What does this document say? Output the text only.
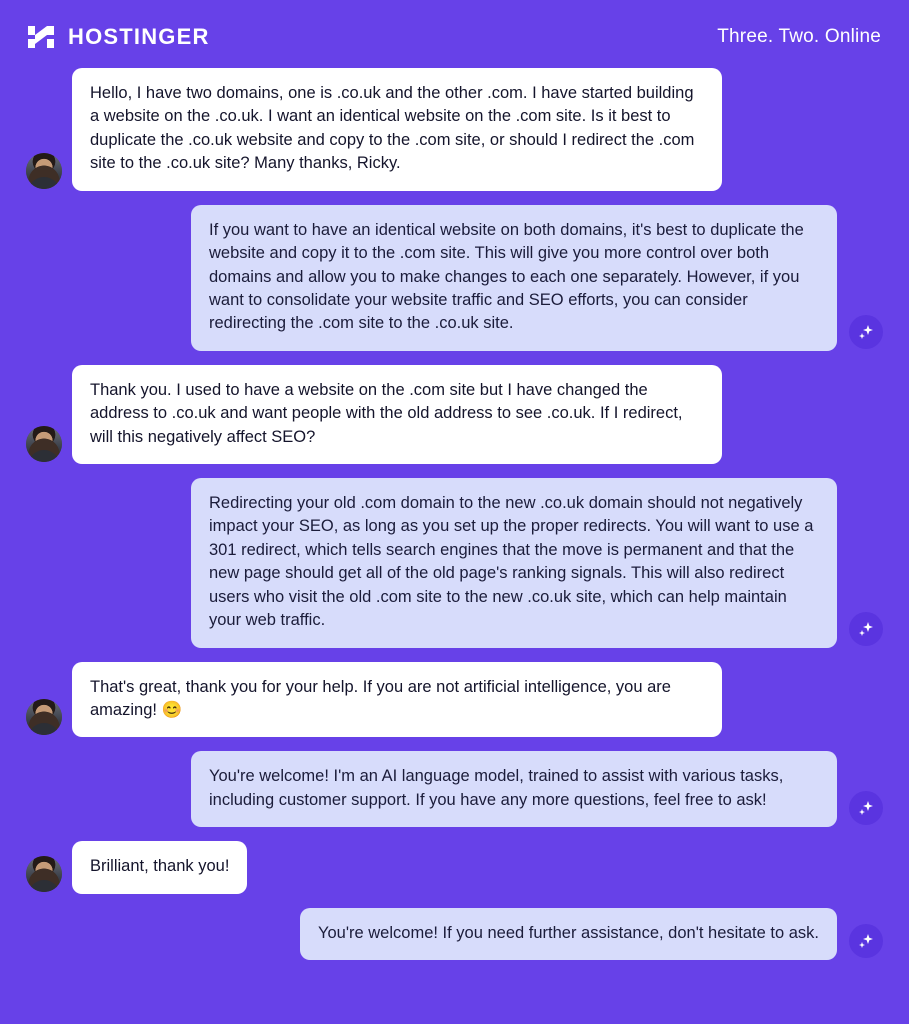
HOSTINGER	Three. Two. Online
Hello, I have two domains, one is .co.uk and the other .com. I have started building a website on the .co.uk. I want an identical website on the .com site. Is it best to duplicate the .co.uk website and copy to the .com site, or should I redirect the .com site to the .co.uk site? Many thanks, Ricky.
If you want to have an identical website on both domains, it's best to duplicate the website and copy it to the .com site. This will give you more control over both domains and allow you to make changes to each one separately. However, if you want to consolidate your website traffic and SEO efforts, you can consider redirecting the .com site to the .co.uk site.
Thank you. I used to have a website on the .com site but I have changed the address to .co.uk and want people with the old address to see .co.uk. If I redirect, will this negatively affect SEO?
Redirecting your old .com domain to the new .co.uk domain should not negatively impact your SEO, as long as you set up the proper redirects. You will want to use a 301 redirect, which tells search engines that the move is permanent and that the new page should get all of the old page's ranking signals. This will also redirect users who visit the old .com site to the new .co.uk site, which can help maintain your web traffic.
That's great, thank you for your help. If you are not artificial intelligence, you are amazing! 😊
You're welcome! I'm an AI language model, trained to assist with various tasks, including customer support. If you have any more questions, feel free to ask!
Brilliant, thank you!
You're welcome! If you need further assistance, don't hesitate to ask.
